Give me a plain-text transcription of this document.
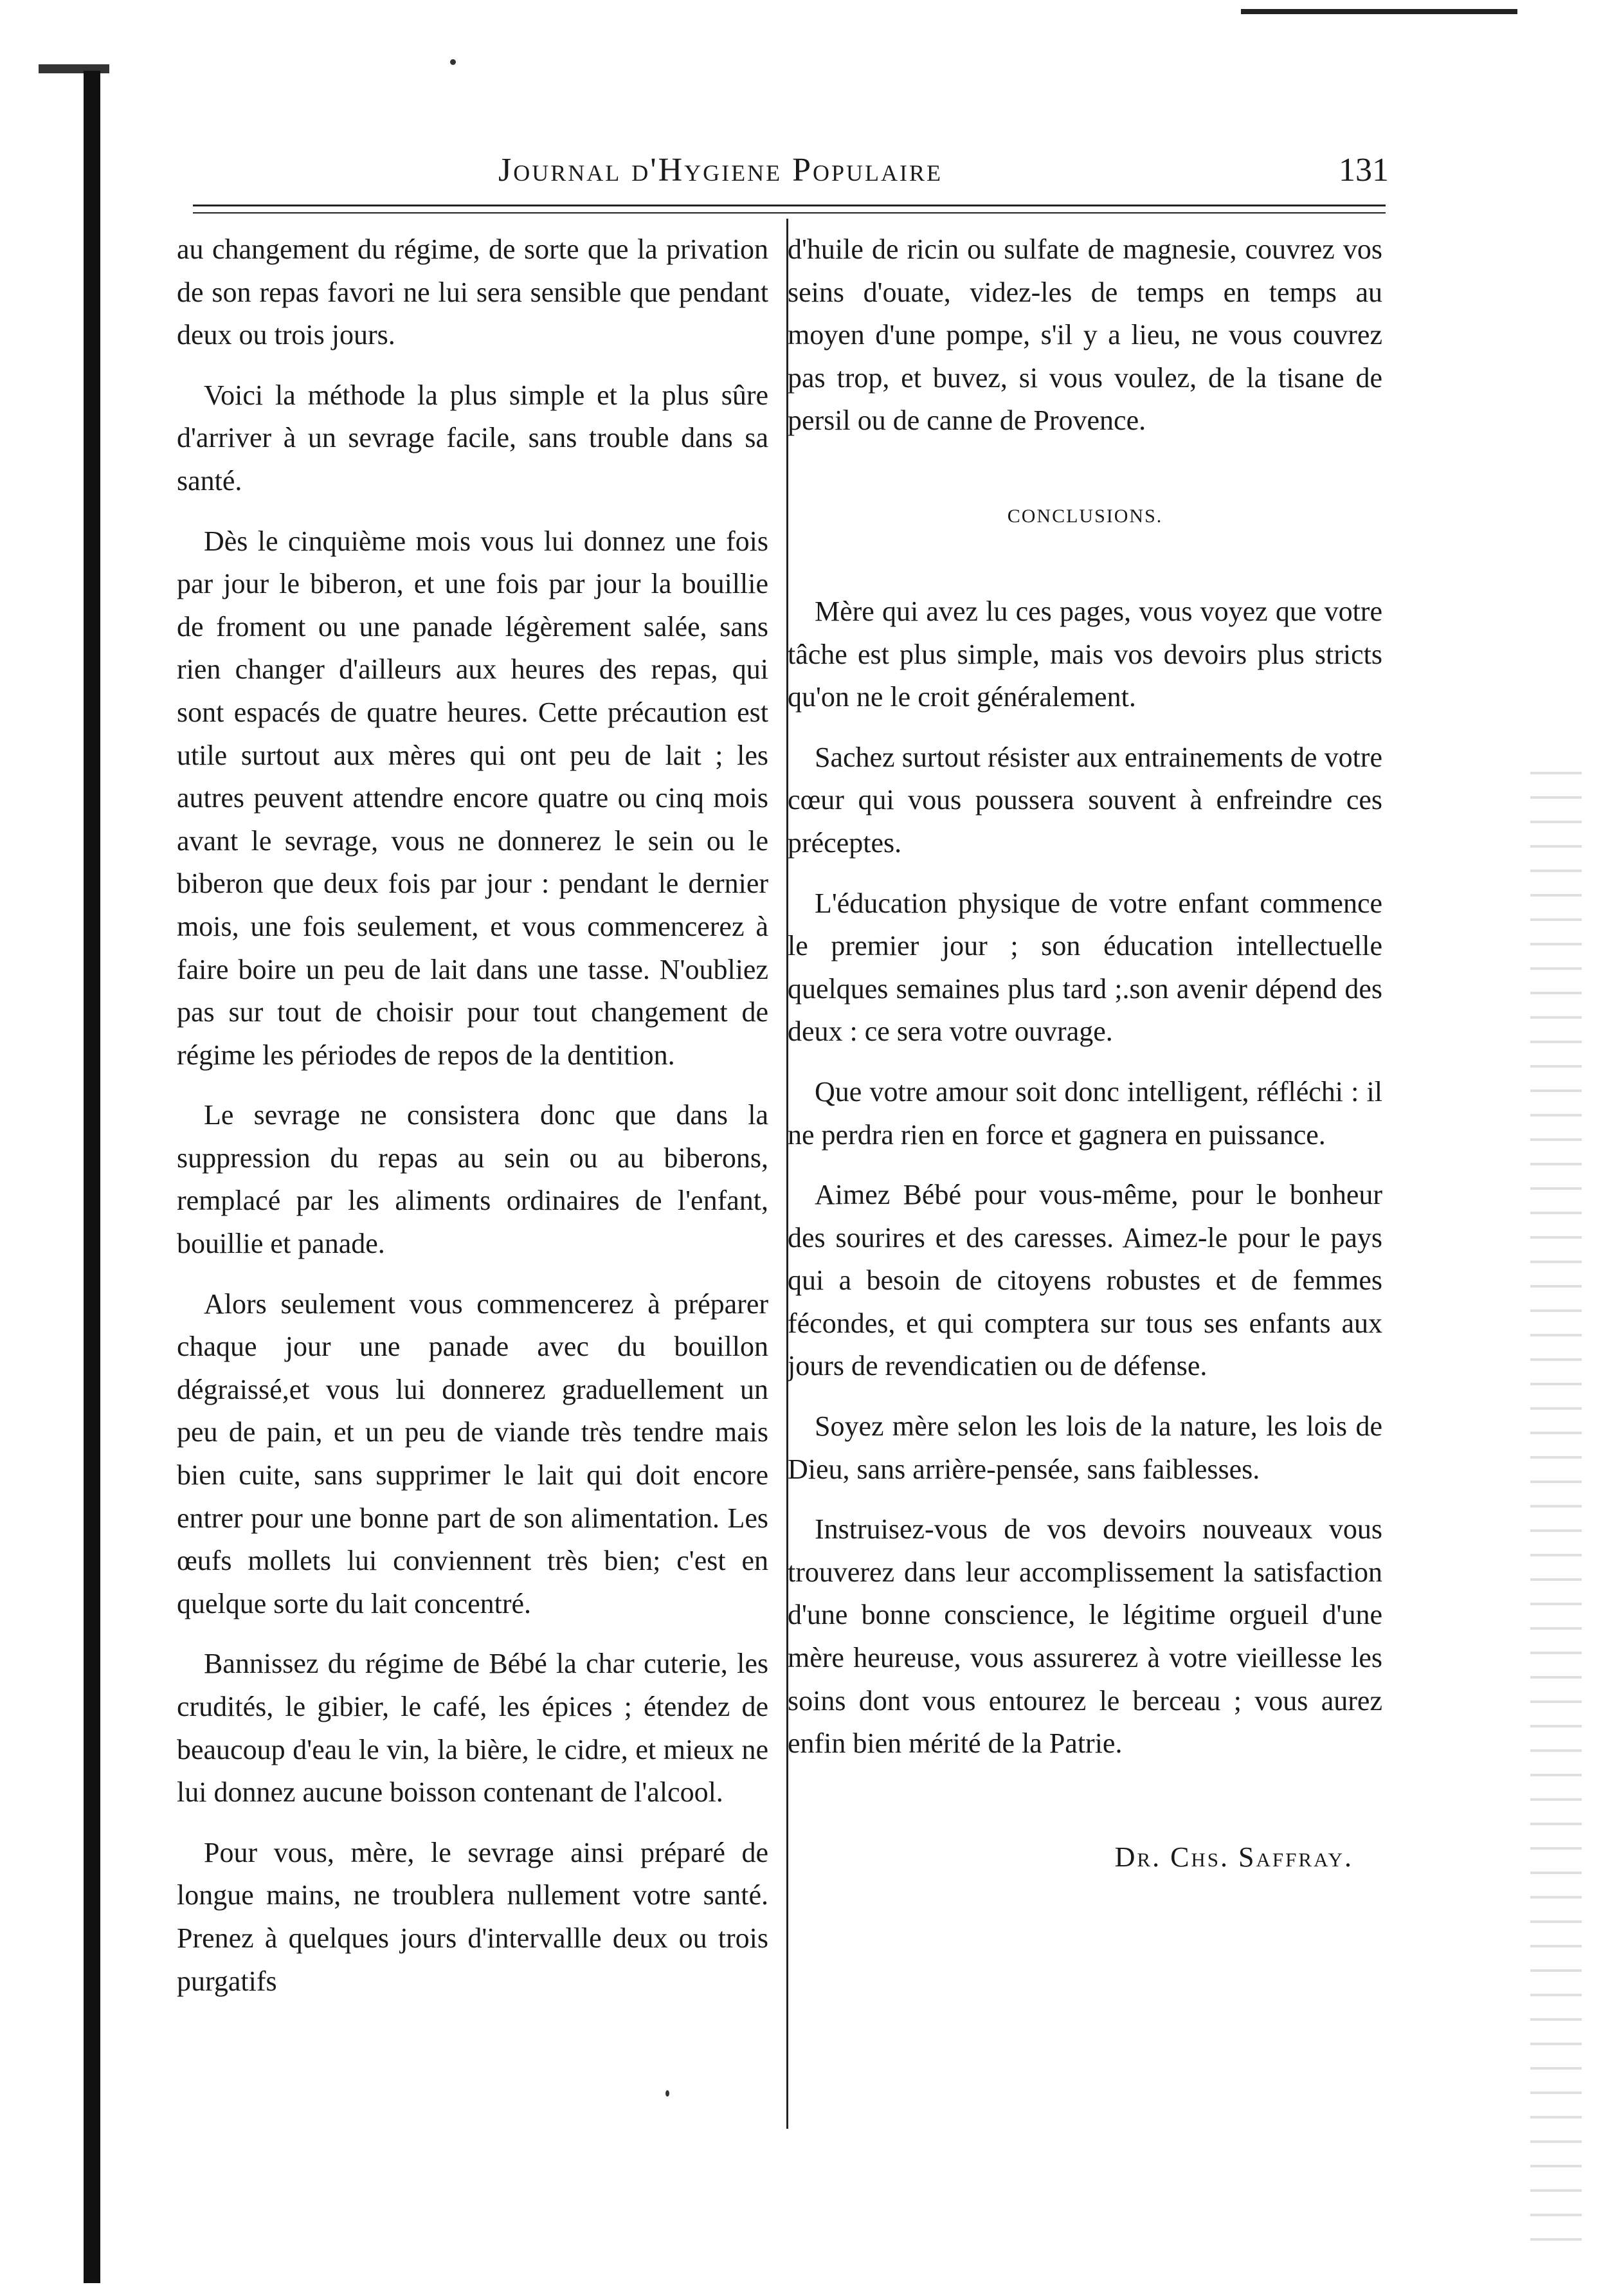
Journal d'Hygiene Populaire	131

au changement du régime, de sorte que la privation de son repas favori ne lui sera sensible que pendant deux ou trois jours.

Voici la méthode la plus simple et la plus sûre d'arriver à un sevrage facile, sans trouble dans sa santé.

Dès le cinquième mois vous lui donnez une fois par jour le biberon, et une fois par jour la bouillie de froment ou une panade légèrement salée, sans rien changer d'ailleurs aux heures des repas, qui sont espacés de quatre heures. Cette précaution est utile surtout aux mères qui ont peu de lait ; les autres peuvent attendre encore quatre ou cinq mois avant le sevrage, vous ne donnerez le sein ou le biberon que deux fois par jour : pendant le dernier mois, une fois seulement, et vous commencerez à faire boire un peu de lait dans une tasse. N'oubliez pas sur tout de choisir pour tout changement de régime les périodes de repos de la dentition.

Le sevrage ne consistera donc que dans la suppression du repas au sein ou au biberons, remplacé par les aliments ordinaires de l'enfant, bouillie et panade.

Alors seulement vous commencerez à préparer chaque jour une panade avec du bouillon dégraissé,et vous lui donnerez graduellement un peu de pain, et un peu de viande très tendre mais bien cuite, sans supprimer le lait qui doit encore entrer pour une bonne part de son alimentation. Les œufs mollets lui conviennent très bien; c'est en quelque sorte du lait concentré.

Bannissez du régime de Bébé la char cuterie, les crudités, le gibier, le café, les épices ; étendez de beaucoup d'eau le vin, la bière, le cidre, et mieux ne lui donnez aucune boisson contenant de l'alcool.

Pour vous, mère, le sevrage ainsi préparé de longue mains, ne troublera nullement votre santé. Prenez à quelques jours d'intervallle deux ou trois purgatifs

d'huile de ricin ou sulfate de magnesie, couvrez vos seins d'ouate, videz-les de temps en temps au moyen d'une pompe, s'il y a lieu, ne vous couvrez pas trop, et buvez, si vous voulez, de la tisane de persil ou de canne de Provence.

CONCLUSIONS.

Mère qui avez lu ces pages, vous voyez que votre tâche est plus simple, mais vos devoirs plus stricts qu'on ne le croit généralement.

Sachez surtout résister aux entrainements de votre cœur qui vous poussera souvent à enfreindre ces préceptes.

L'éducation physique de votre enfant commence le premier jour ; son éducation intellectuelle quelques semaines plus tard ;.son avenir dépend des deux : ce sera votre ouvrage.

Que votre amour soit donc intelligent, réfléchi : il ne perdra rien en force et gagnera en puissance.

Aimez Bébé pour vous-même, pour le bonheur des sourires et des caresses. Aimez-le pour le pays qui a besoin de citoyens robustes et de femmes fécondes, et qui comptera sur tous ses enfants aux jours de revendicatien ou de défense.

Soyez mère selon les lois de la nature, les lois de Dieu, sans arrière-pensée, sans faiblesses.

Instruisez-vous de vos devoirs nouveaux vous trouverez dans leur accomplissement la satisfaction d'une bonne conscience, le légitime orgueil d'une mère heureuse, vous assurerez à votre vieillesse les soins dont vous entourez le berceau ; vous aurez enfin bien mérité de la Patrie.

Dr. Chs. Saffray.
